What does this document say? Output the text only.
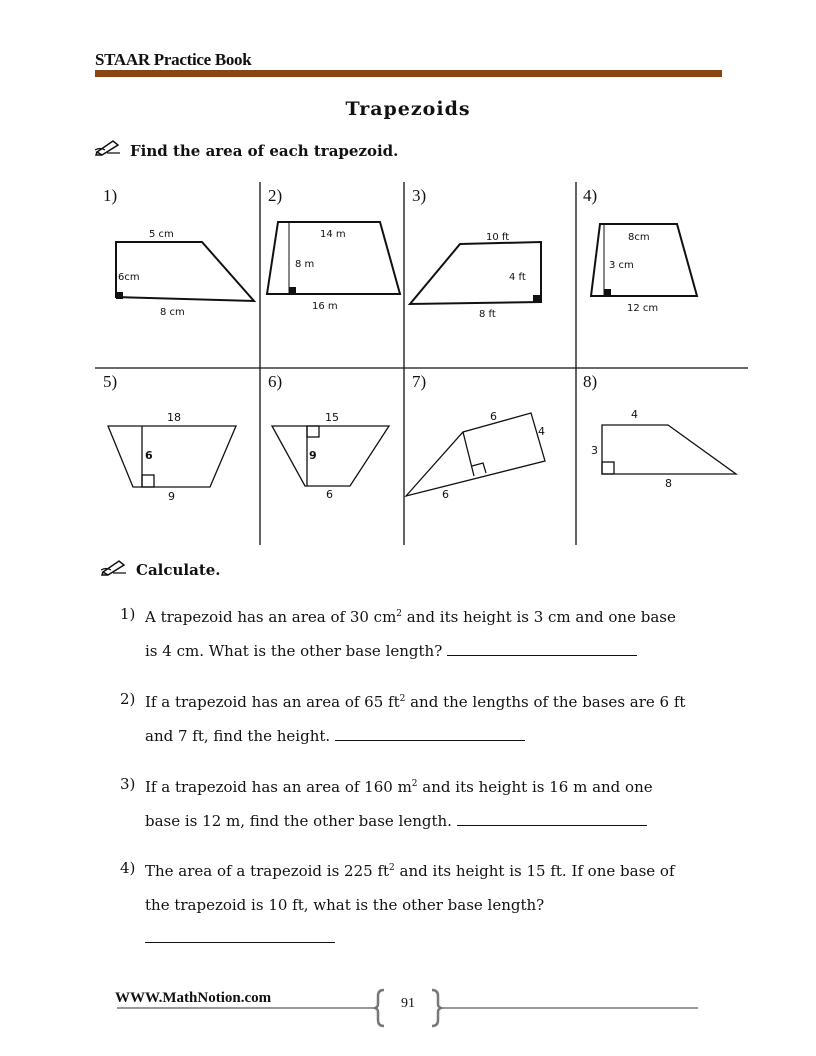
STAAR Practice Book
Trapezoids
Find the area of each trapezoid.
1)	2)	3)	4)
5)	6)	7)	8)
5 cm
6cm
8 cm
14 m
8 m
16 m
10 ft
4 ft
8 ft
8cm
3 cm
12 cm
18
6
9
15
9
6
6
4
6
4
3
8
Calculate.
1) A trapezoid has an area of 30 $cm^2$ and its height is 3 cm and one base
is 4 cm. What is the other base length?
2) If a trapezoid has an area of 65 $ft^2$ and the lengths of the bases are 6 ft
and 7 ft, find the height.
3) If a trapezoid has an area of 160 $m^2$ and its height is 16 m and one
base is 12 m, find the other base length.
4) The area of a trapezoid is 225 $ft^2$ and its height is 15 ft. If one base of
the trapezoid is 10 ft, what is the other base length?
WWW.MathNotion.com	91
